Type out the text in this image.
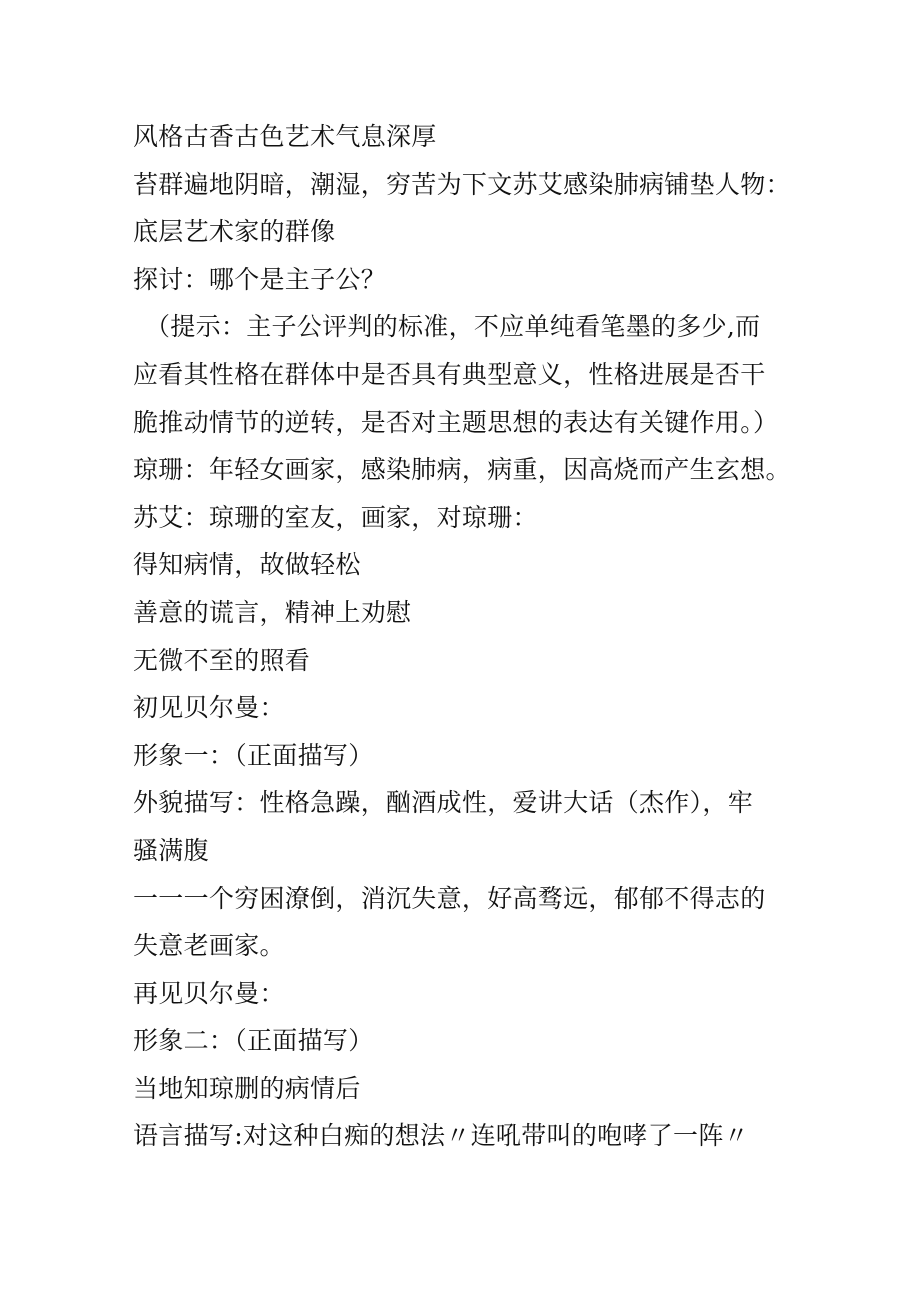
风格古香古色艺术气息深厚
苔群遍地阴暗，潮湿，穷苦为下文苏艾感染肺病铺垫人物：
底层艺术家的群像
探讨：哪个是主子公？
（提示：主子公评判的标准，不应单纯看笔墨的多少,而
应看其性格在群体中是否具有典型意义，性格进展是否干
脆推动情节的逆转，是否对主题思想的表达有关键作用。）
琼珊：年轻女画家，感染肺病，病重，因高烧而产生玄想。
苏艾：琼珊的室友，画家，对琼珊：
得知病情，故做轻松
善意的谎言，精神上劝慰
无微不至的照看
初见贝尔曼：
形象一：（正面描写）
外貌描写：性格急躁，酗酒成性，爱讲大话（杰作），牢
骚满腹
一一一个穷困潦倒，消沉失意，好高骛远，郁郁不得志的
失意老画家。
再见贝尔曼：
形象二：（正面描写）
当地知琼删的病情后
语言描写:对这种白痴的想法〃连吼带叫的咆哮了一阵〃
